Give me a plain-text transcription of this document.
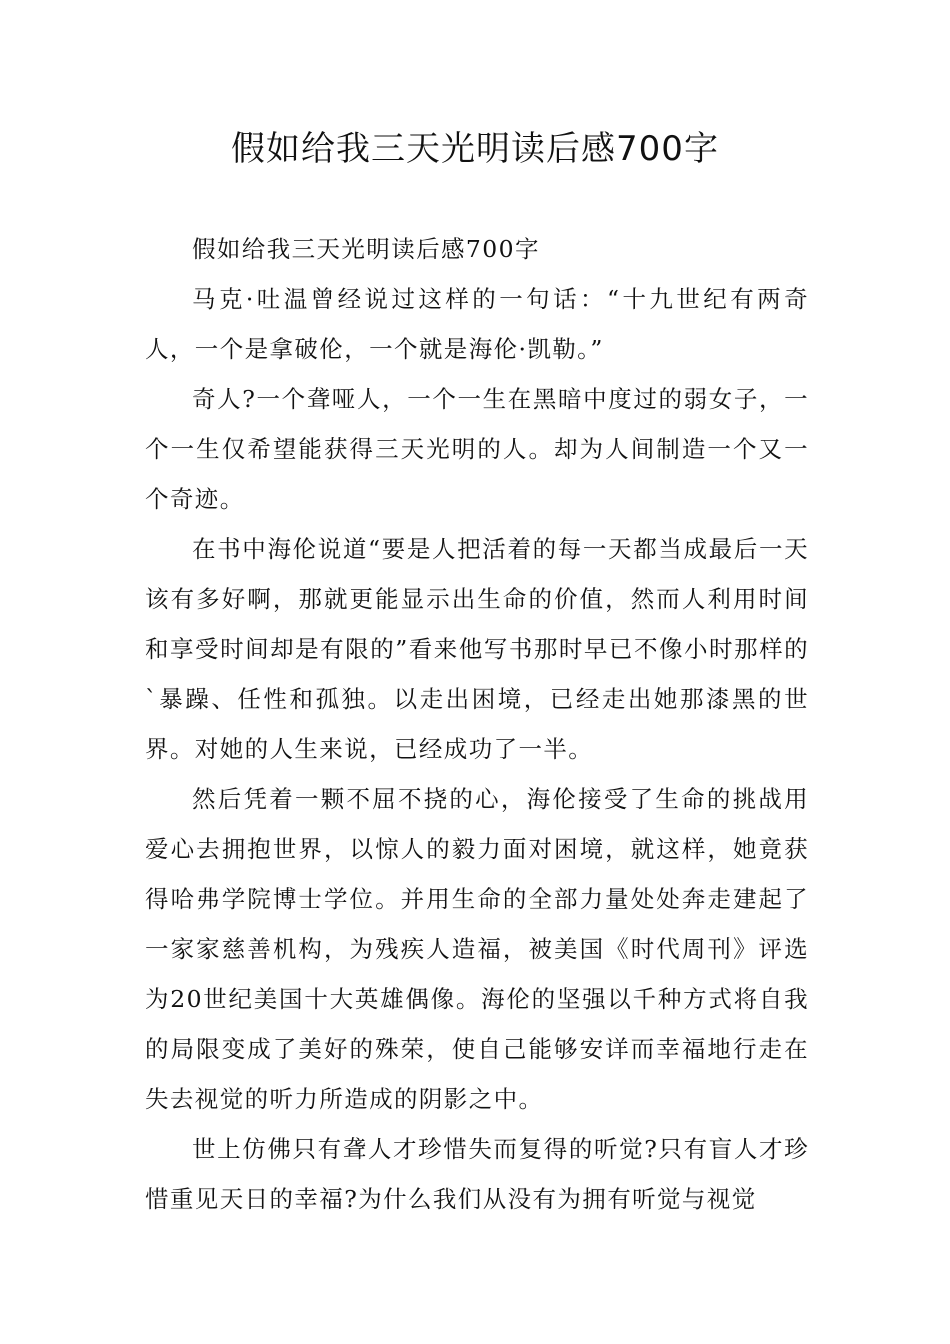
假如给我三天光明读后感700字

假如给我三天光明读后感700字

马克·吐温曾经说过这样的一句话：“十九世纪有两奇人，一个是拿破伦，一个就是海伦·凯勒。”

奇人?一个聋哑人，一个一生在黑暗中度过的弱女子，一个一生仅希望能获得三天光明的人。却为人间制造一个又一个奇迹。

在书中海伦说道“要是人把活着的每一天都当成最后一天该有多好啊，那就更能显示出生命的价值，然而人利用时间和享受时间却是有限的”看来他写书那时早已不像小时那样的`暴躁、任性和孤独。以走出困境，已经走出她那漆黑的世界。对她的人生来说，已经成功了一半。

然后凭着一颗不屈不挠的心，海伦接受了生命的挑战用爱心去拥抱世界，以惊人的毅力面对困境，就这样，她竟获得哈弗学院博士学位。并用生命的全部力量处处奔走建起了一家家慈善机构，为残疾人造福，被美国《时代周刊》评选为20世纪美国十大英雄偶像。海伦的坚强以千种方式将自我的局限变成了美好的殊荣，使自己能够安详而幸福地行走在失去视觉的听力所造成的阴影之中。

世上仿佛只有聋人才珍惜失而复得的听觉?只有盲人才珍惜重见天日的幸福?为什么我们从没有为拥有听觉与视觉
